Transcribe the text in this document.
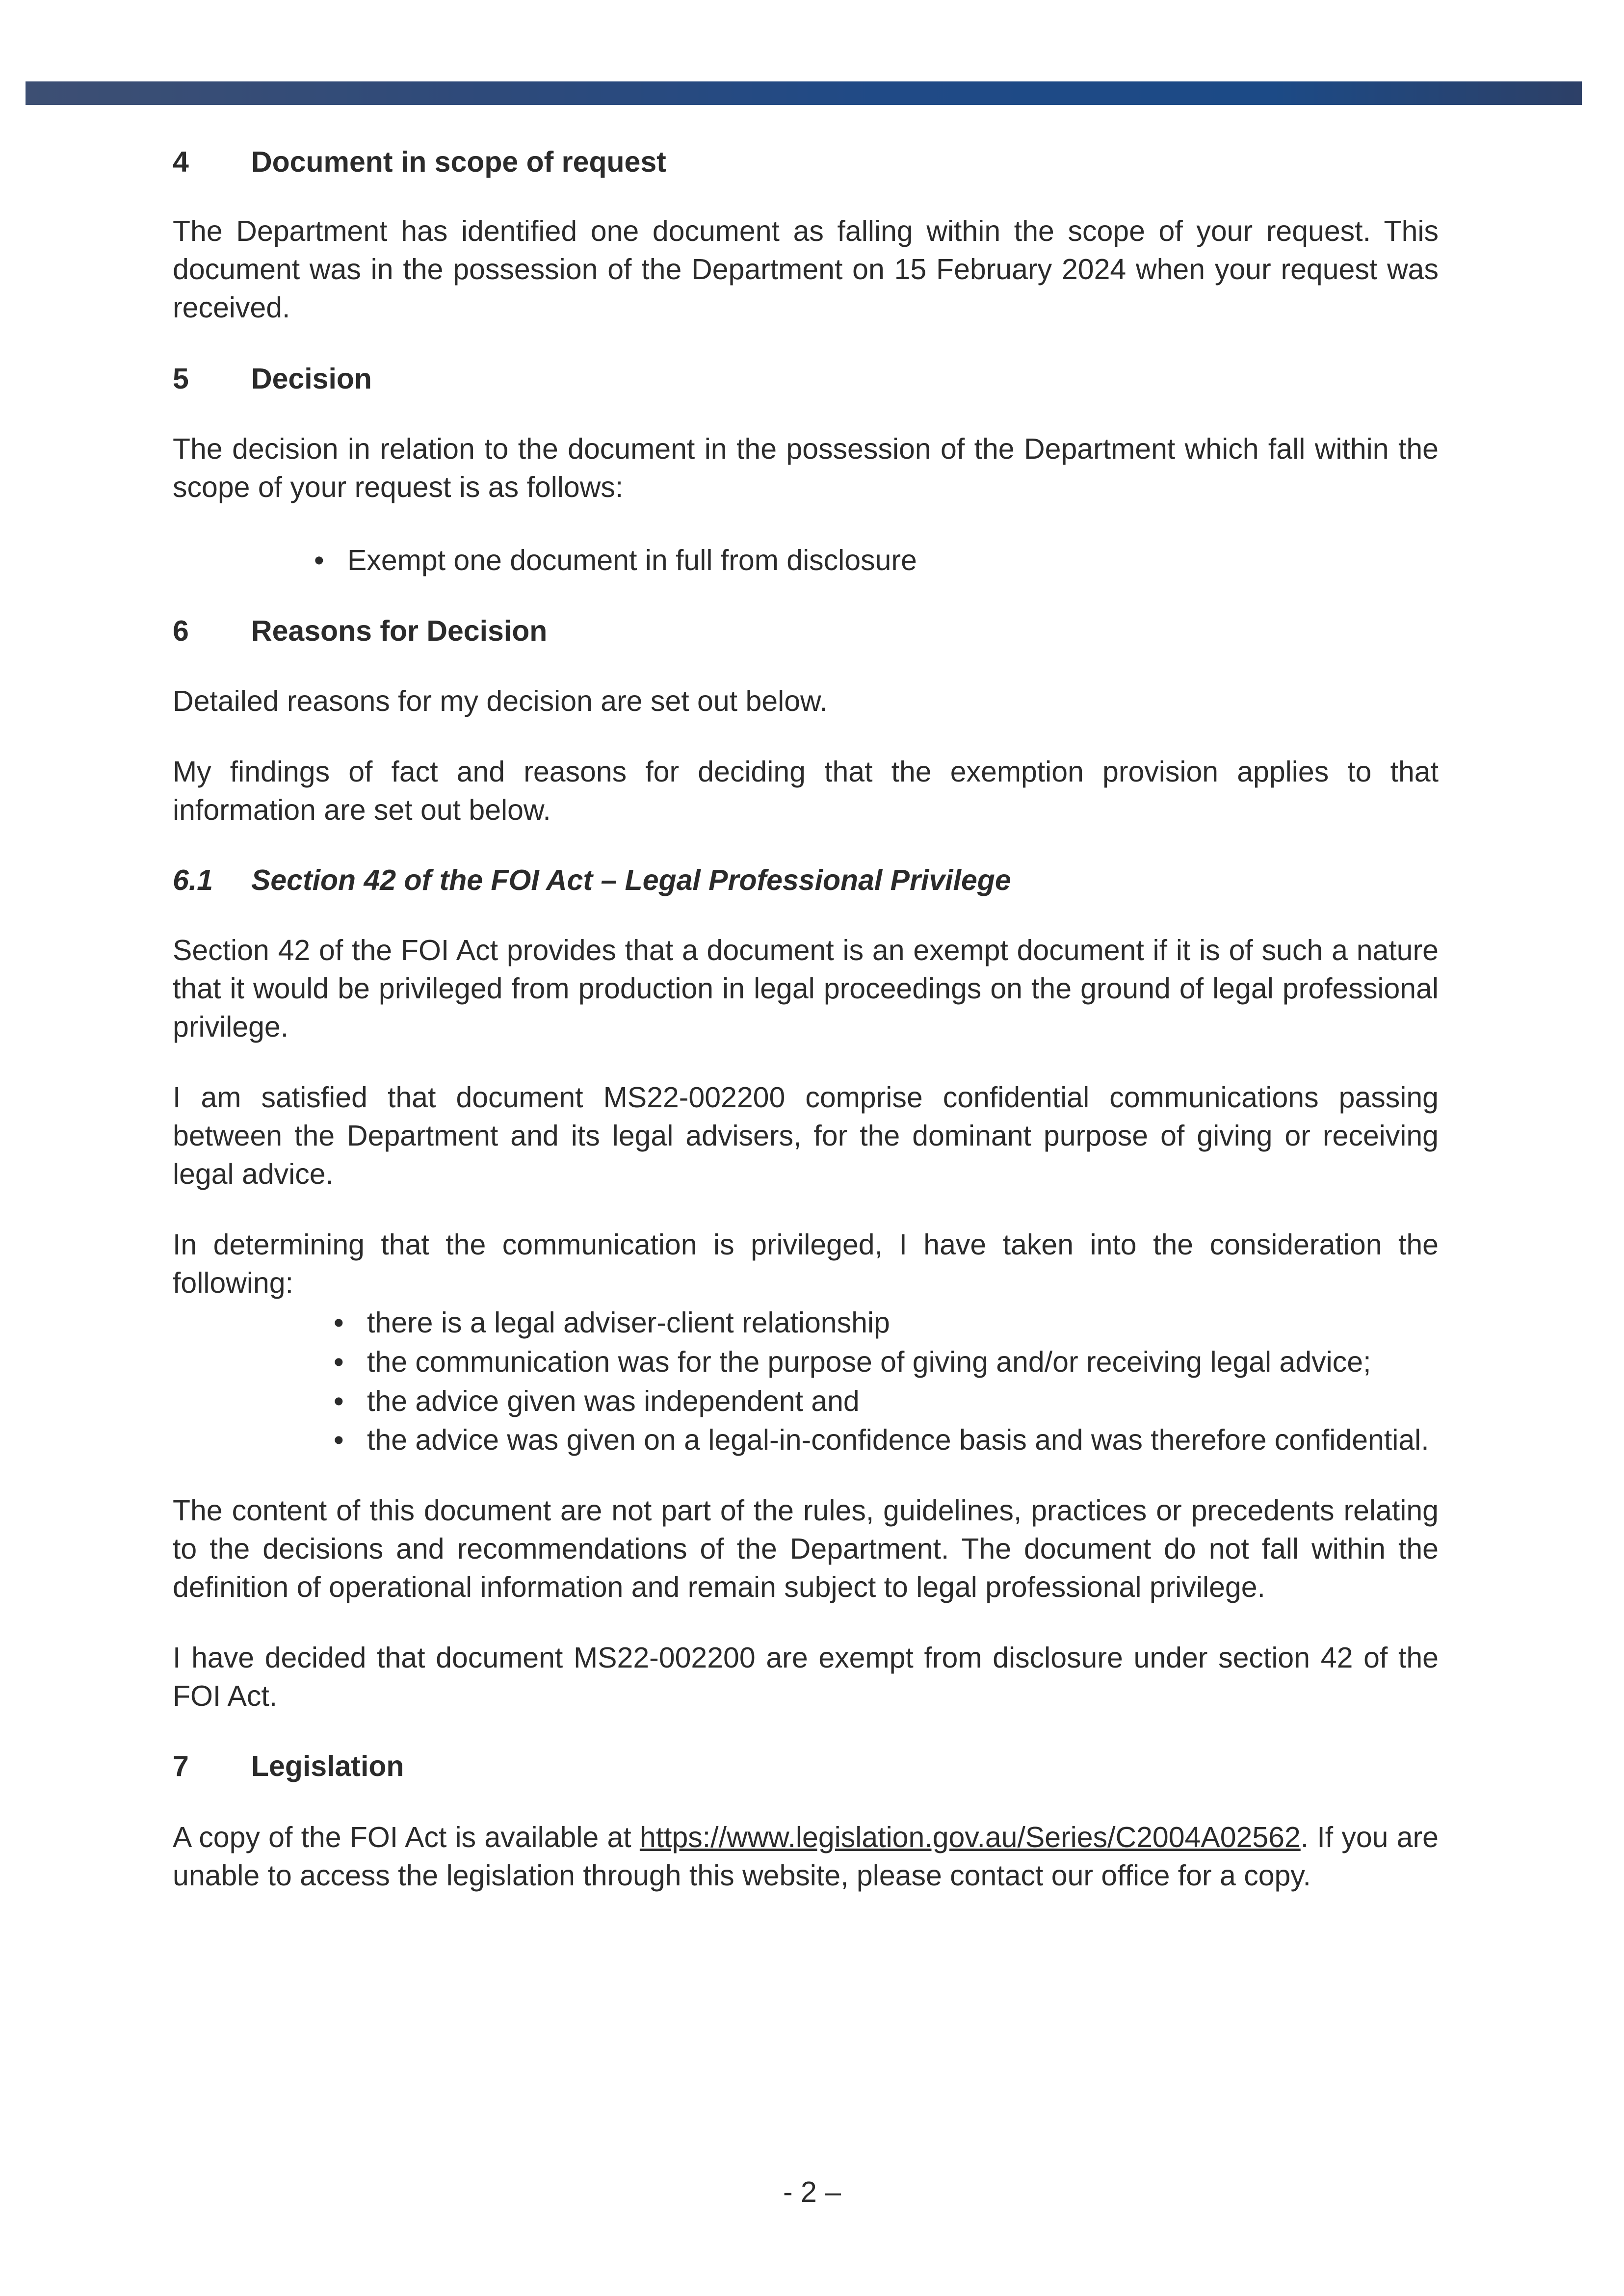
4	Document in scope of request

The Department has identified one document as falling within the scope of your request. This document was in the possession of the Department on 15 February 2024 when your request was received.

5	Decision

The decision in relation to the document in the possession of the Department which fall within the scope of your request is as follows:

• Exempt one document in full from disclosure
6	Reasons for Decision

Detailed reasons for my decision are set out below.

My findings of fact and reasons for deciding that the exemption provision applies to that information are set out below.

6.1	Section 42 of the FOI Act – Legal Professional Privilege

Section 42 of the FOI Act provides that a document is an exempt document if it is of such a nature that it would be privileged from production in legal proceedings on the ground of legal professional privilege.

I am satisfied that document MS22-002200 comprise confidential communications passing between the Department and its legal advisers, for the dominant purpose of giving or receiving legal advice.

In determining that the communication is privileged, I have taken into the consideration the following:

• there is a legal adviser-client relationship
• the communication was for the purpose of giving and/or receiving legal advice;
• the advice given was independent and
• the advice was given on a legal-in-confidence basis and was therefore confidential.

The content of this document are not part of the rules, guidelines, practices or precedents relating to the decisions and recommendations of the Department. The document do not fall within the definition of operational information and remain subject to legal professional privilege.

I have decided that document MS22-002200 are exempt from disclosure under section 42 of the FOI Act.

7	Legislation

A copy of the FOI Act is available at https://www.legislation.gov.au/Series/C2004A02562. If you are unable to access the legislation through this website, please contact our office for a copy.

- 2 –
